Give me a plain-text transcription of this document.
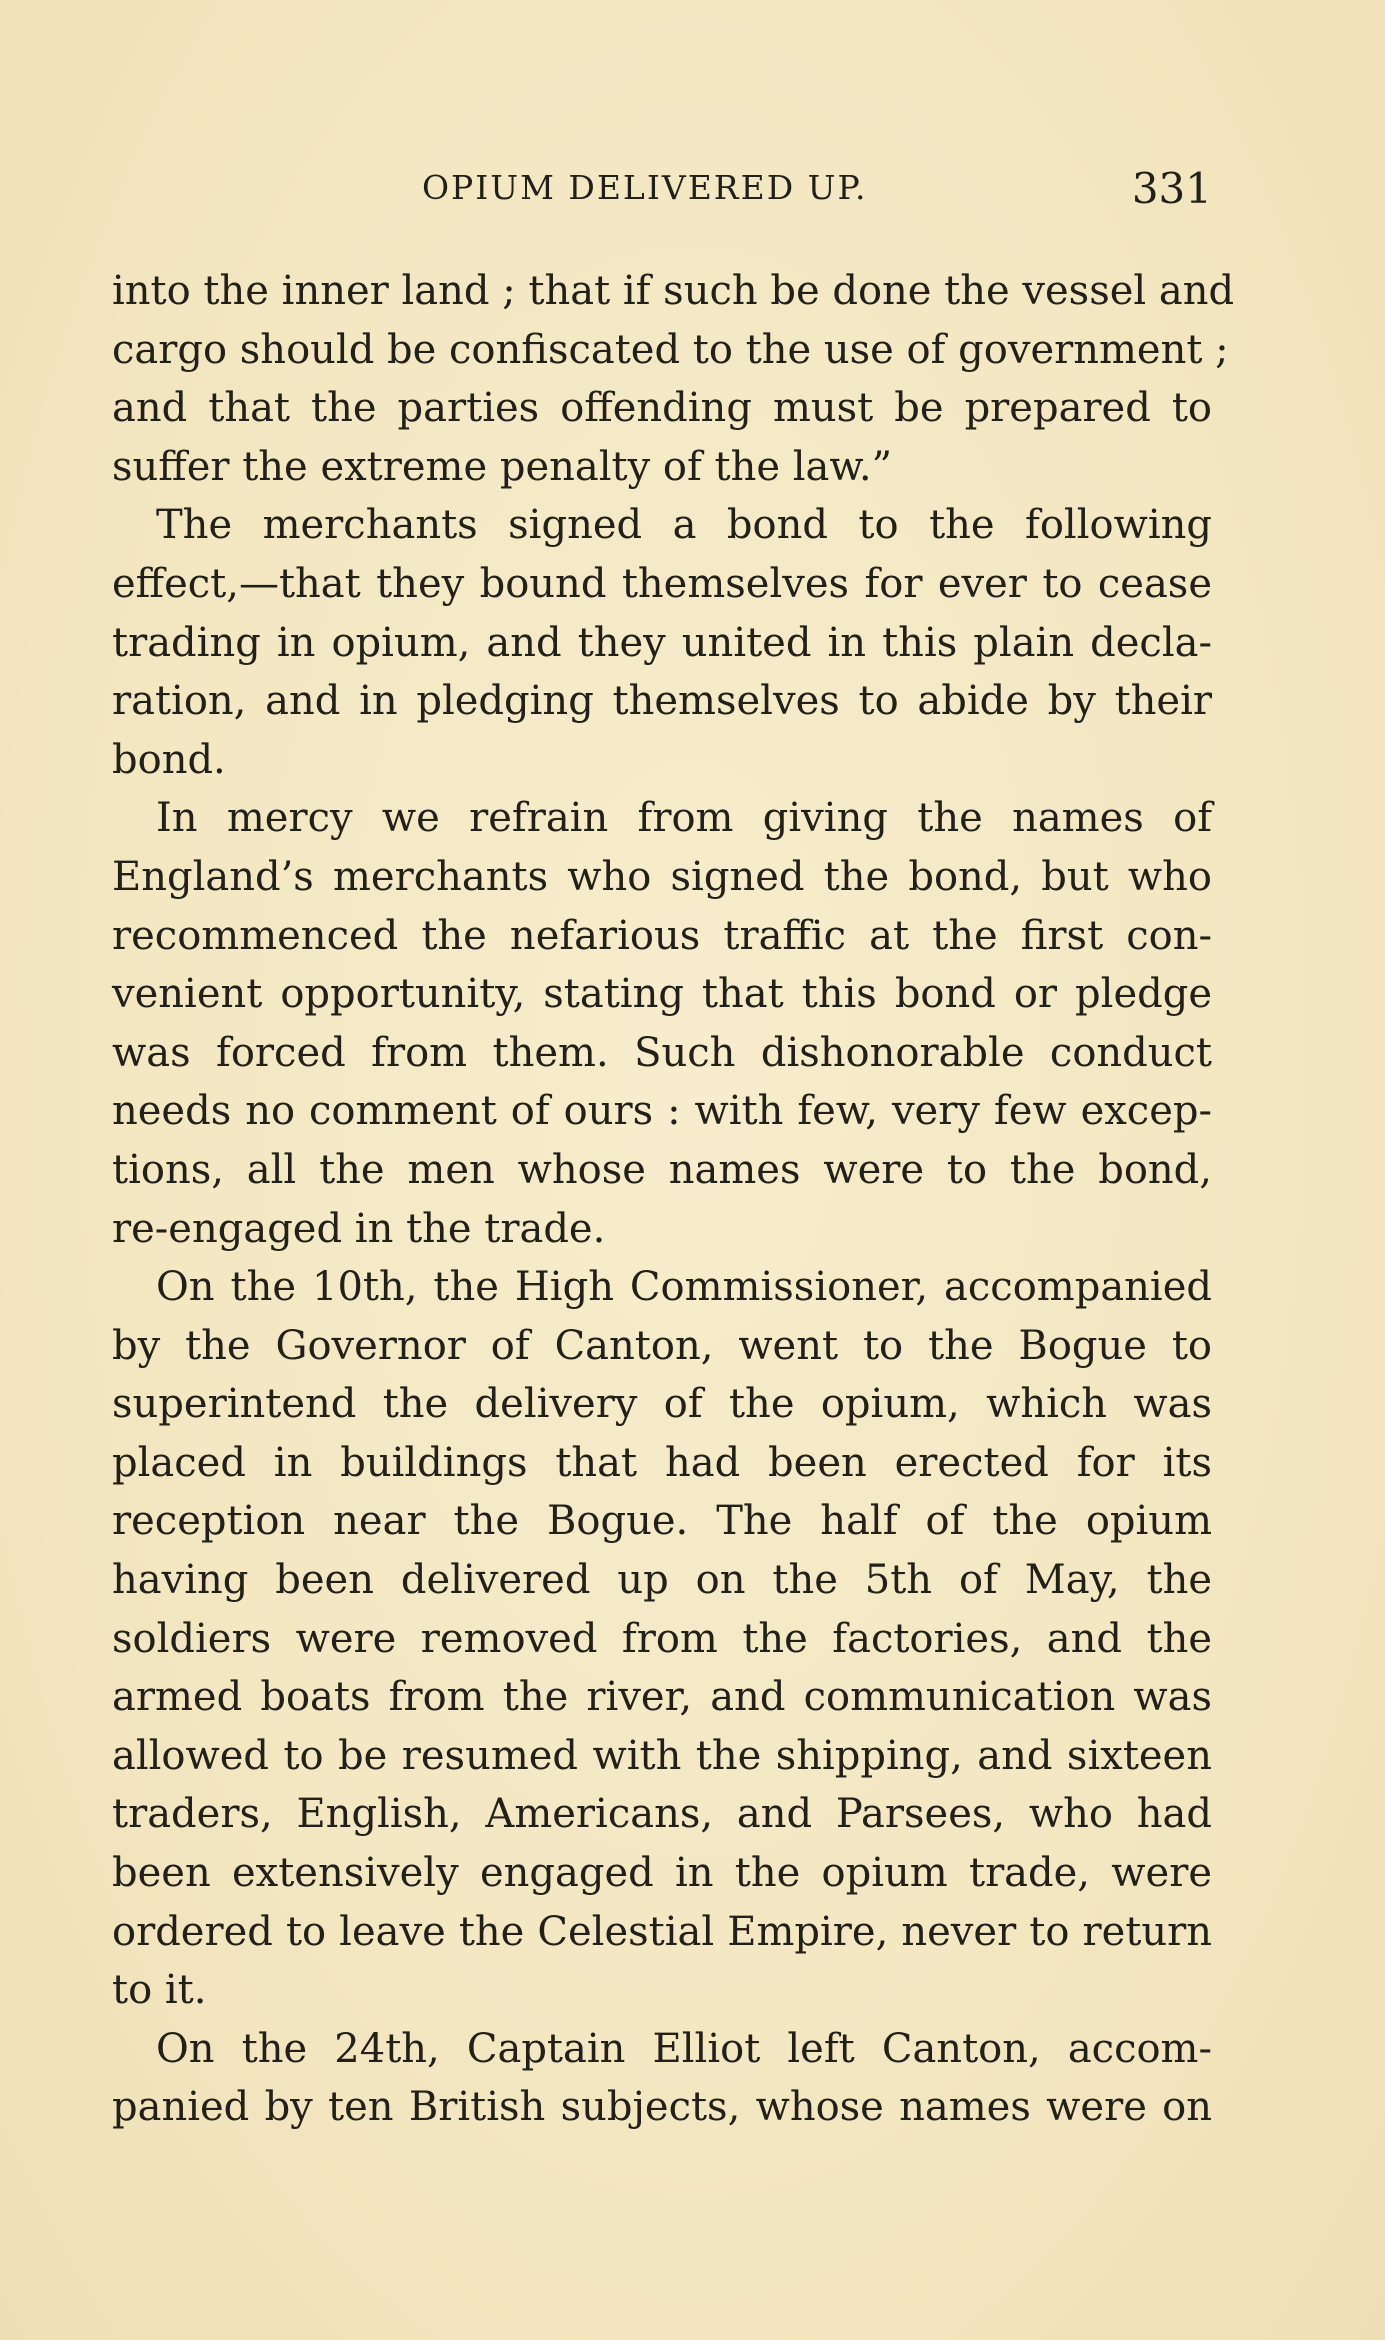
OPIUM DELIVERED UP.	331
into the inner land ; that if such be done the vessel and
cargo should be confiscated to the use of government ;
and that the parties offending must be prepared to
suffer the extreme penalty of the law.”
The merchants signed a bond to the following
effect,—that they bound themselves for ever to cease
trading in opium, and they united in this plain decla-
ration, and in pledging themselves to abide by their
bond.
In mercy we refrain from giving the names of
England’s merchants who signed the bond, but who
recommenced the nefarious traffic at the first con-
venient opportunity, stating that this bond or pledge
was forced from them. Such dishonorable conduct
needs no comment of ours : with few, very few excep-
tions, all the men whose names were to the bond,
re-engaged in the trade.
On the 10th, the High Commissioner, accompanied
by the Governor of Canton, went to the Bogue to
superintend the delivery of the opium, which was
placed in buildings that had been erected for its
reception near the Bogue. The half of the opium
having been delivered up on the 5th of May, the
soldiers were removed from the factories, and the
armed boats from the river, and communication was
allowed to be resumed with the shipping, and sixteen
traders, English, Americans, and Parsees, who had
been extensively engaged in the opium trade, were
ordered to leave the Celestial Empire, never to return
to it.
On the 24th, Captain Elliot left Canton, accom-
panied by ten British subjects, whose names were on
